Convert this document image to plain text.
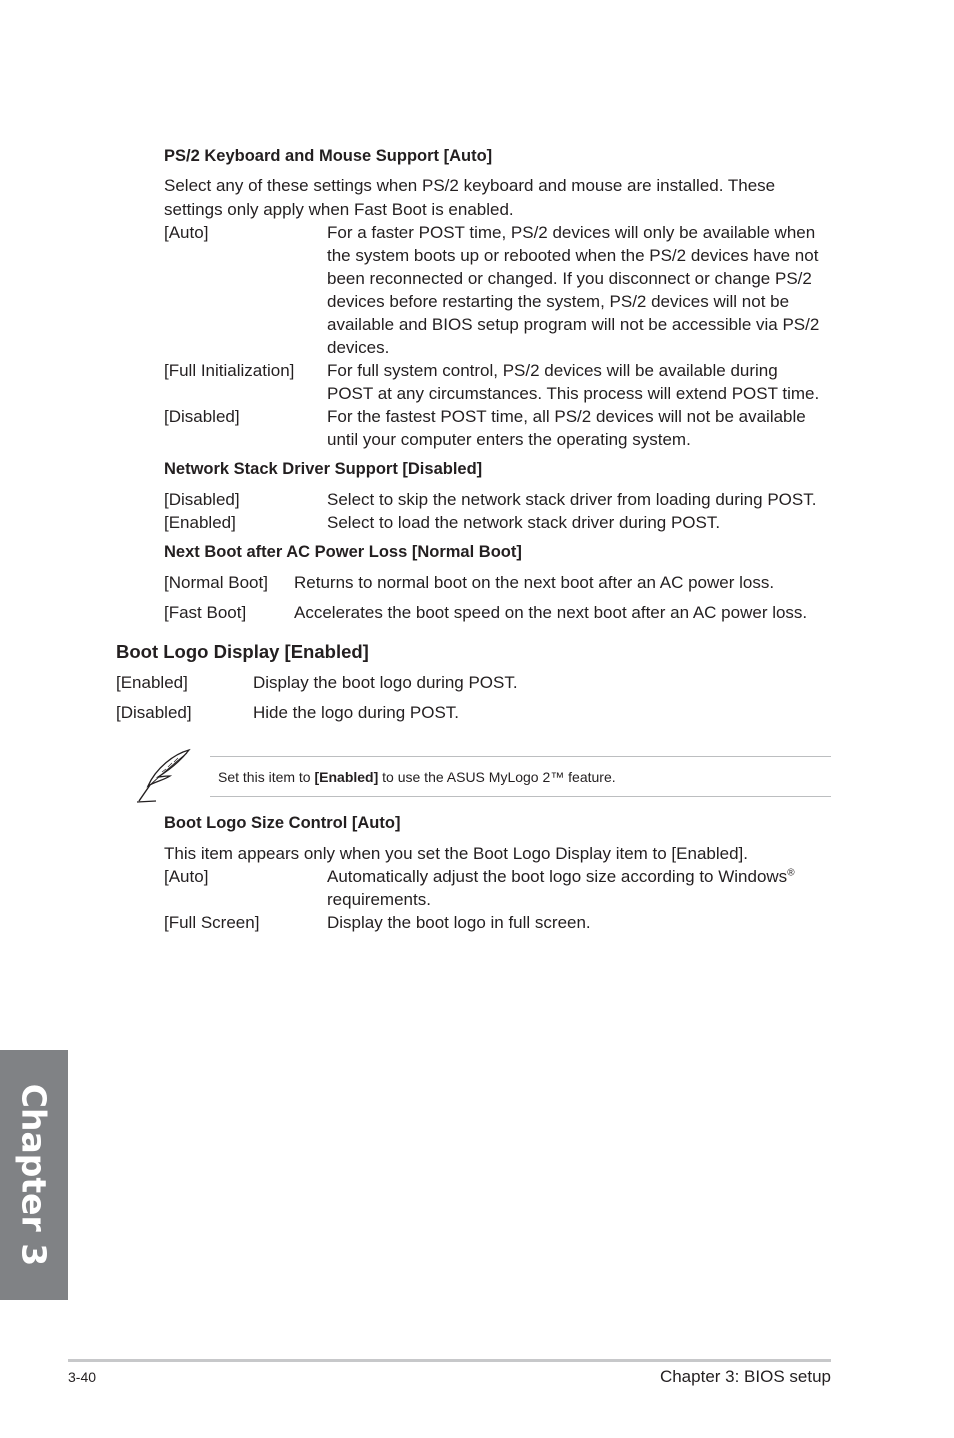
PS/2 Keyboard and Mouse Support [Auto]
Select any of these settings when PS/2 keyboard and mouse are installed. These
settings only apply when Fast Boot is enabled.
[Auto]	For a faster POST time, PS/2 devices will only be available when
the system boots up or rebooted when the PS/2 devices have not
been reconnected or changed. If you disconnect or change PS/2
devices before restarting the system, PS/2 devices will not be
available and BIOS setup program will not be accessible via PS/2
devices.
[Full Initialization] For full system control, PS/2 devices will be available during
POST at any circumstances. This process will extend POST time.
[Disabled]	For the fastest POST time, all PS/2 devices will not be available
until your computer enters the operating system.
Network Stack Driver Support [Disabled]
[Disabled]	Select to skip the network stack driver from loading during POST.
[Enabled]	Select to load the network stack driver during POST.
Next Boot after AC Power Loss [Normal Boot]
[Normal Boot] Returns to normal boot on the next boot after an AC power loss.
[Fast Boot]	Accelerates the boot speed on the next boot after an AC power loss.
Boot Logo Display [Enabled]
[Enabled]	Display the boot logo during POST.
[Disabled]	Hide the logo during POST.
Set this item to [Enabled] to use the ASUS MyLogo 2™ feature.
Boot Logo Size Control [Auto]
This item appears only when you set the Boot Logo Display item to [Enabled].
[Auto]	Automatically adjust the boot logo size according to Windows®
requirements.
[Full Screen]	Display the boot logo in full screen.
Chapter 3
3-40	Chapter 3: BIOS setup
